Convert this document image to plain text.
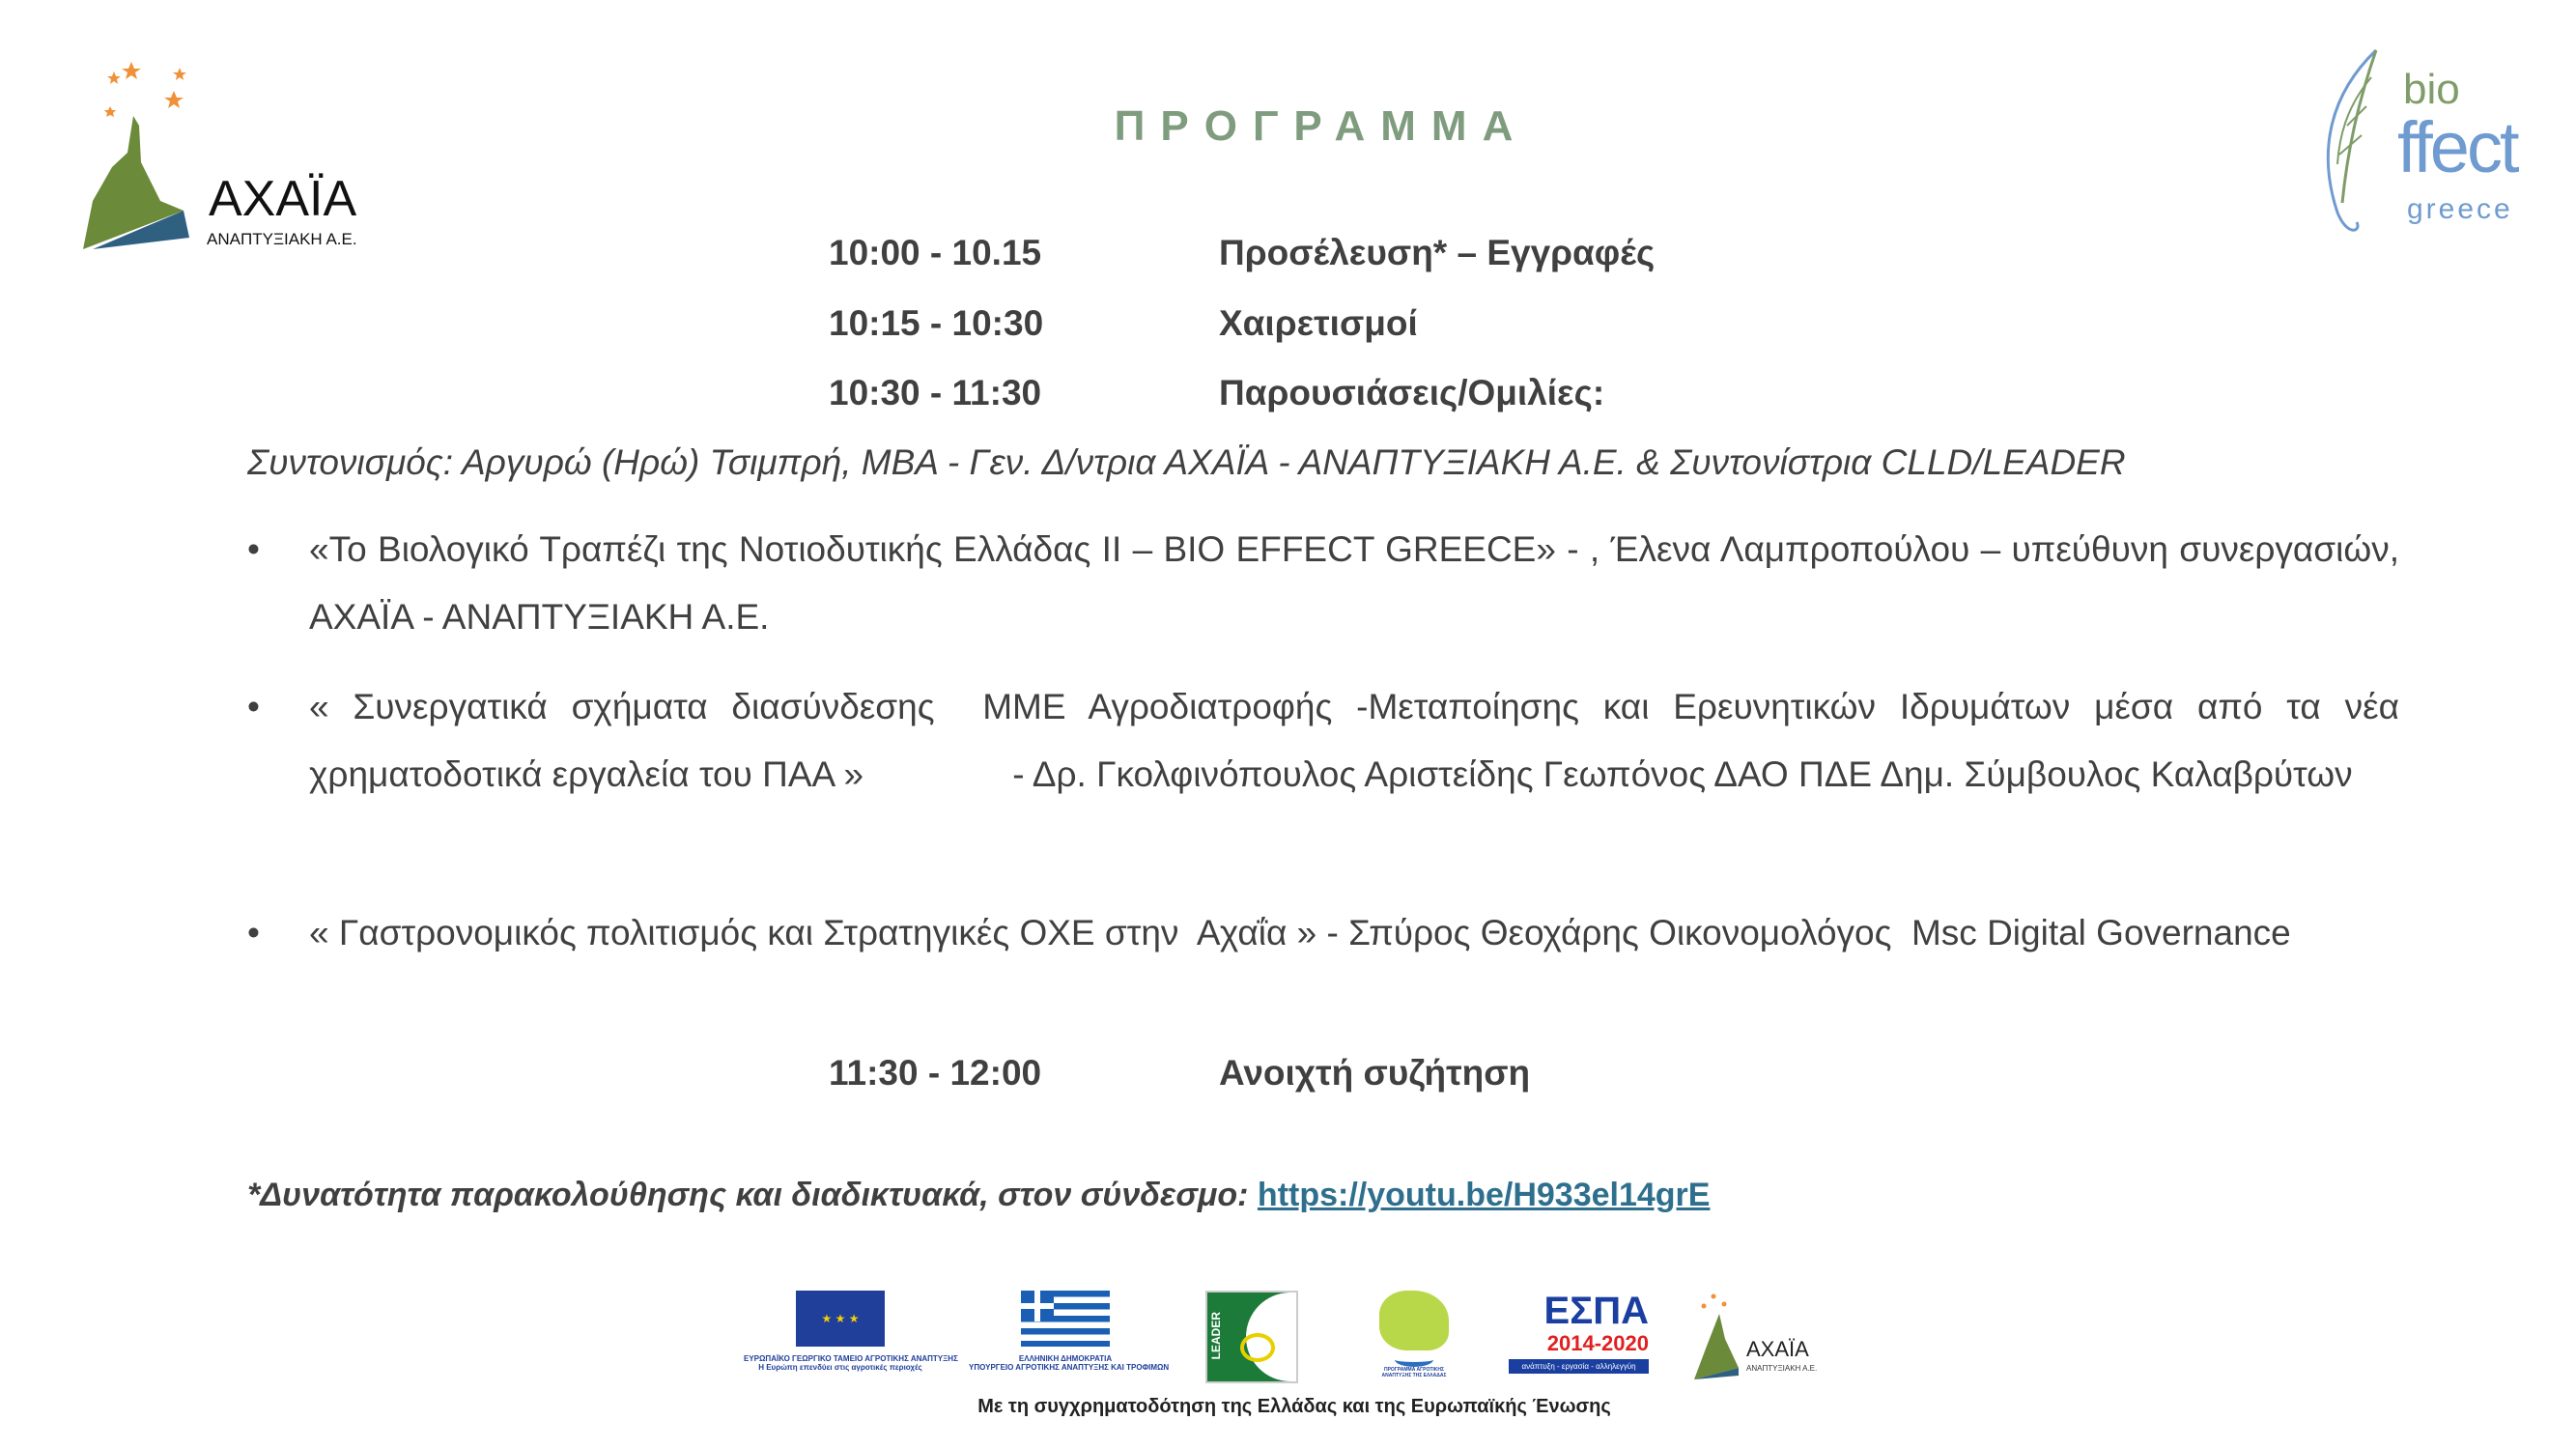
ΑΧΑΪΑ
ΑΝΑΠΤΥΞΙΑΚΗ Α.Ε.
bio
ffect
greece
ΠΡΟΓΡΑΜΜΑ
10:00 - 10.15	Προσέλευση* – Εγγραφές
10:15 - 10:30	Χαιρετισμοί
10:30 - 11:30	Παρουσιάσεις/Ομιλίες:
Συντονισμός: Αργυρώ (Ηρώ) Τσιμπρή, ΜΒΑ - Γεν. Δ/ντρια ΑΧΑΪΑ - ΑΝΑΠΤΥΞΙΑΚΗ Α.Ε. & Συντονίστρια CLLD/LEADER
• «Το Βιολογικό Τραπέζι της Νοτιοδυτικής Ελλάδας ΙΙ – BIO EFFECT GREECE» - , Έλενα Λαμπροπούλου – υπεύθυνη συνεργασιών, ΑΧΑΪΑ - ΑΝΑΠΤΥΞΙΑΚΗ Α.Ε.
• « Συνεργατικά σχήματα διασύνδεσης  ΜΜΕ Αγροδιατροφής -Μεταποίησης και Ερευνητικών Ιδρυμάτων μέσα από τα νέα χρηματοδοτικά εργαλεία του ΠΑΑ »               - Δρ. Γκολφινόπουλος Αριστείδης Γεωπόνος ΔΑΟ ΠΔΕ Δημ. Σύμβουλος Καλαβρύτων
• « Γαστρονομικός πολιτισμός και Στρατηγικές ΟΧΕ στην  Αχαΐα » - Σπύρος Θεοχάρης Οικονομολόγος  Msc Digital Governance
11:30 - 12:00	Ανοιχτή συζήτηση
*Δυνατότητα παρακολούθησης και διαδικτυακά, στον σύνδεσμο: https://youtu.be/H933el14grE
★ ★ ★
ΕΥΡΩΠΑΪΚΟ ΓΕΩΡΓΙΚΟ ΤΑΜΕΙΟ ΑΓΡΟΤΙΚΗΣ ΑΝΑΠΤΥΞΗΣ
Η Ευρώπη επενδύει στις αγροτικές περιοχές
ΕΛΛΗΝΙΚΗ ΔΗΜΟΚΡΑΤΙΑ
ΥΠΟΥΡΓΕΙΟ ΑΓΡΟΤΙΚΗΣ ΑΝΑΠΤΥΞΗΣ ΚΑΙ ΤΡΟΦΙΜΩΝ
LEADER
ΠΡΟΓΡΑΜΜΑ ΑΓΡΟΤΙΚΗΣ ΑΝΑΠΤΥΞΗΣ ΤΗΣ ΕΛΛΑΔΑΣ
ΕΣΠΑ
2014-2020
ανάπτυξη - εργασία - αλληλεγγύη
ΑΧΑΪΑ
ΑΝΑΠΤΥΞΙΑΚΗ Α.Ε.
Με τη συγχρηματοδότηση της Ελλάδας και της Ευρωπαϊκής Ένωσης
